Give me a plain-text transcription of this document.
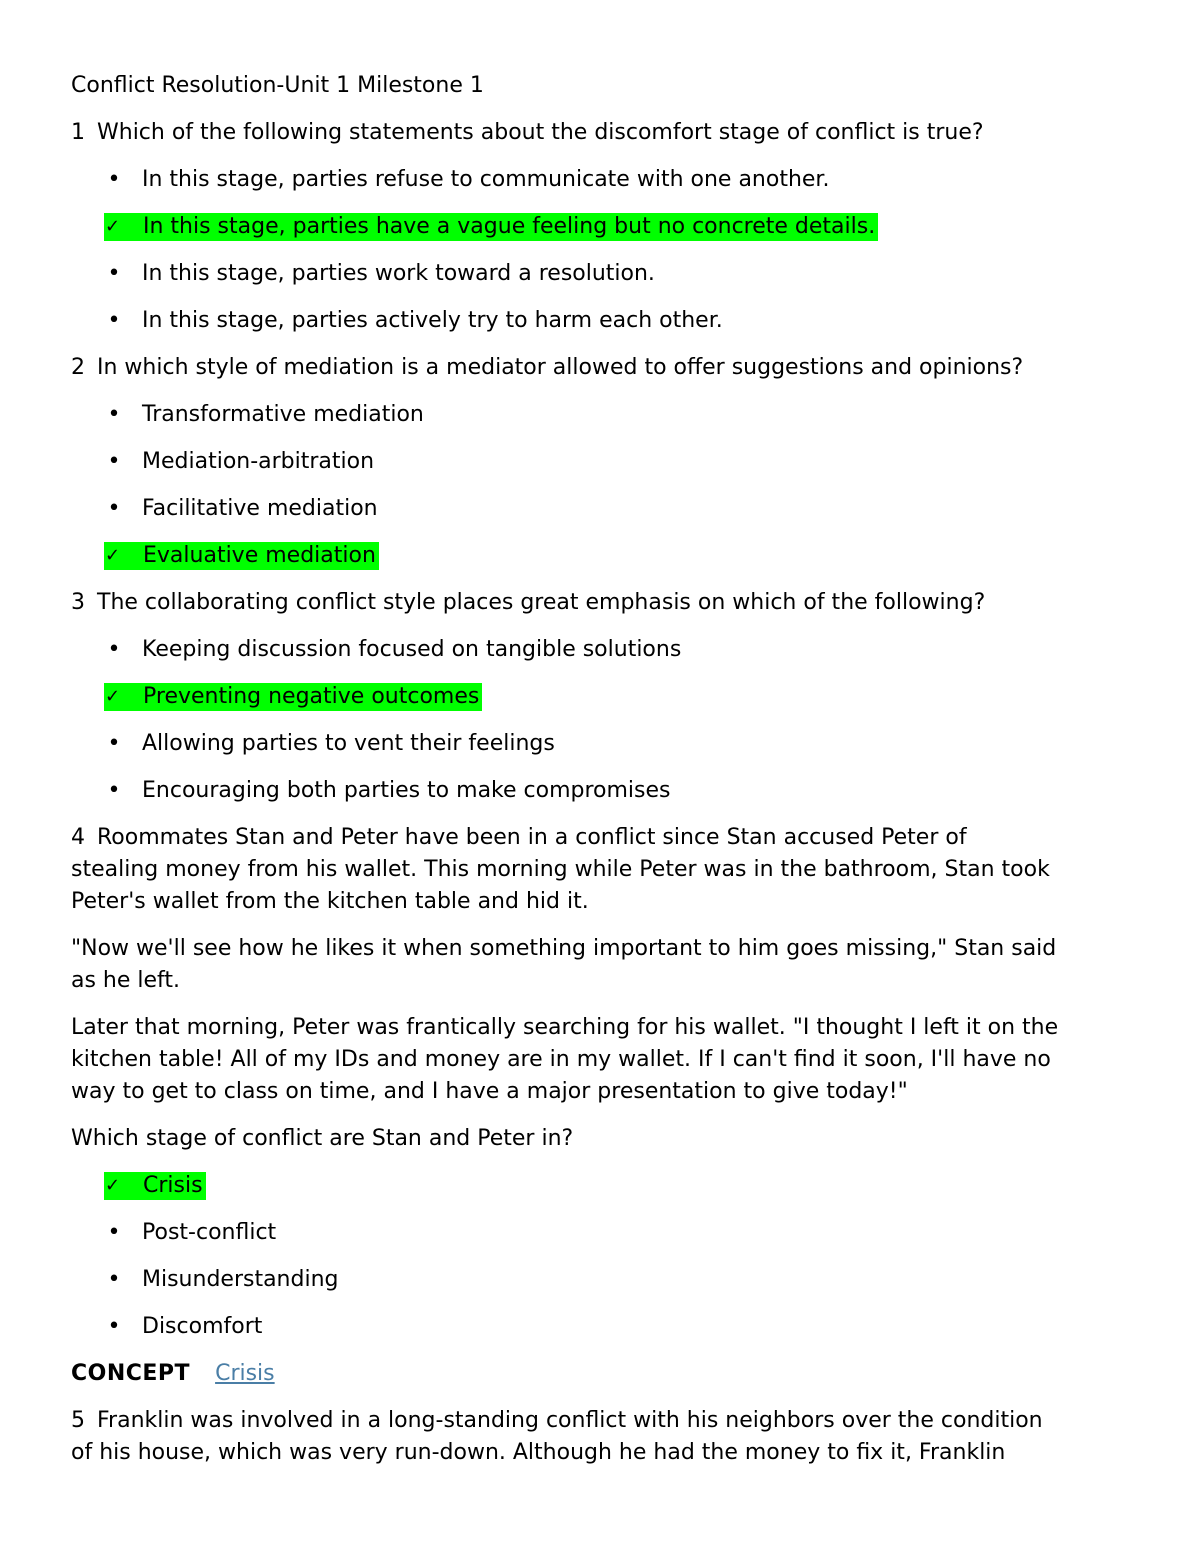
Conflict Resolution-Unit 1 Milestone 1

1 Which of the following statements about the discomfort stage of conflict is true?

• In this stage, parties refuse to communicate with one another.
✓	In this stage, parties have a vague feeling but no concrete details.
• In this stage, parties work toward a resolution.
• In this stage, parties actively try to harm each other.

2 In which style of mediation is a mediator allowed to offer suggestions and opinions?

• Transformative mediation
• Mediation-arbitration
• Facilitative mediation
✓	Evaluative mediation

3 The collaborating conflict style places great emphasis on which of the following?

• Keeping discussion focused on tangible solutions
✓	Preventing negative outcomes
• Allowing parties to vent their feelings
• Encouraging both parties to make compromises

4 Roommates Stan and Peter have been in a conflict since Stan accused Peter of
stealing money from his wallet. This morning while Peter was in the bathroom, Stan took
Peter's wallet from the kitchen table and hid it.

"Now we'll see how he likes it when something important to him goes missing," Stan said
as he left.

Later that morning, Peter was frantically searching for his wallet. "I thought I left it on the
kitchen table! All of my IDs and money are in my wallet. If I can't find it soon, I'll have no
way to get to class on time, and I have a major presentation to give today!"

Which stage of conflict are Stan and Peter in?

✓	Crisis
• Post-conflict
• Misunderstanding
• Discomfort
CONCEPT Crisis

5 Franklin was involved in a long-standing conflict with his neighbors over the condition
of his house, which was very run-down. Although he had the money to fix it, Franklin
